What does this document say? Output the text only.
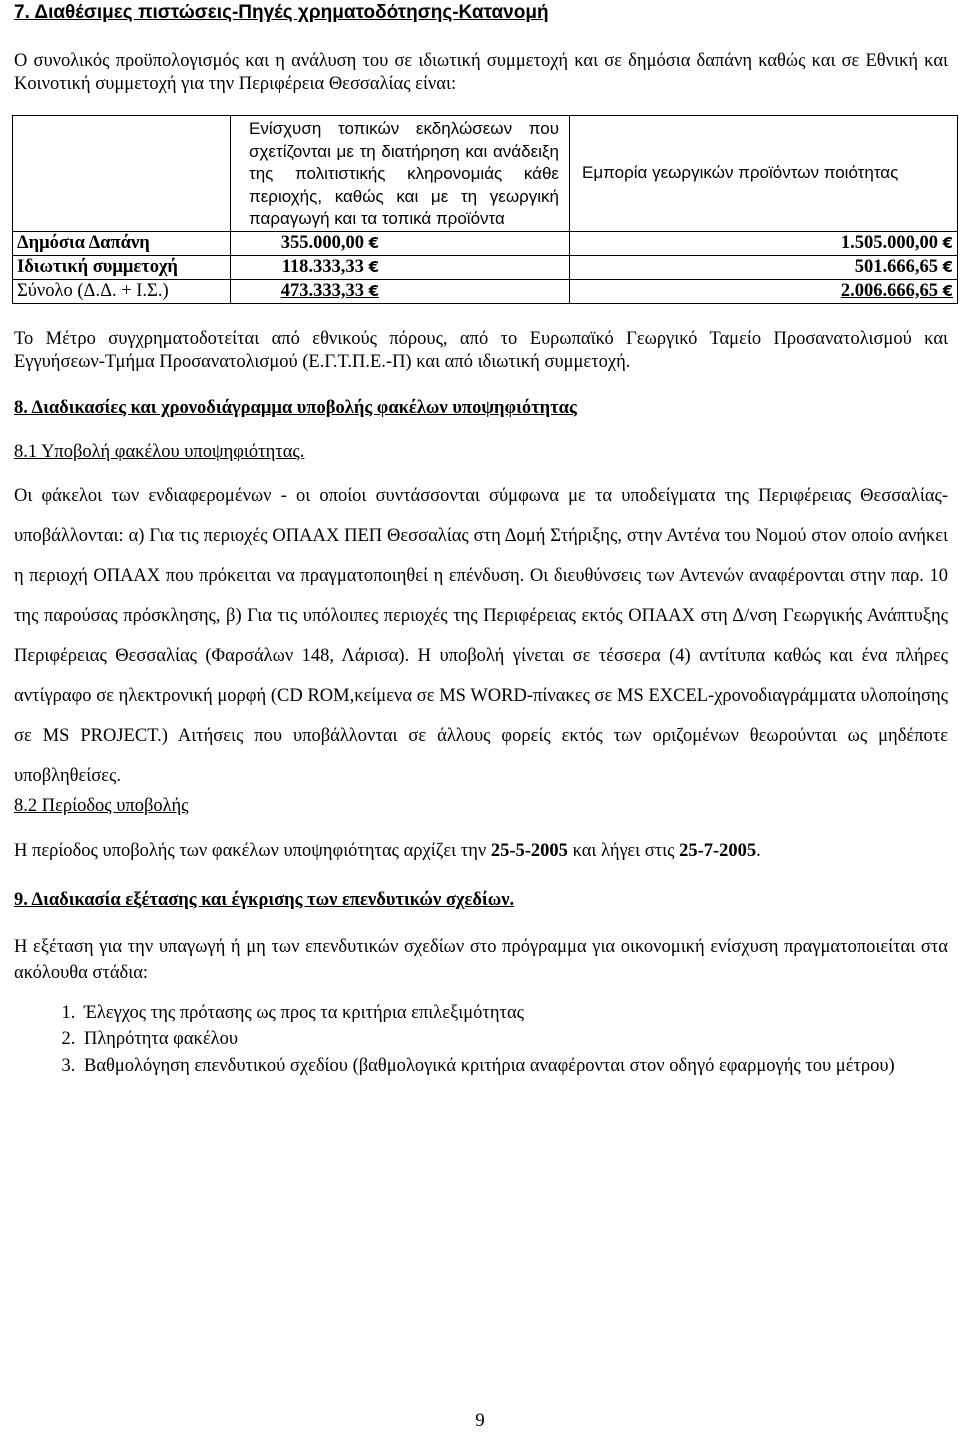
7. Διαθέσιμες πιστώσεις-Πηγές χρηματοδότησης-Κατανομή
Ο συνολικός προϋπολογισμός και η ανάλυση του σε ιδιωτική συμμετοχή και σε δημόσια δαπάνη καθώς και σε Εθνική και Κοινοτική συμμετοχή για την Περιφέρεια Θεσσαλίας είναι:
	Ενίσχυση τοπικών εκδηλώσεων που σχετίζονται με τη διατήρηση και ανάδειξη της πολιτιστικής κληρονομιάς κάθε περιοχής, καθώς και με τη γεωργική παραγωγή και τα τοπικά προϊόντα	Εμπορία γεωργικών προϊόντων ποιότητας
Δημόσια Δαπάνη	355.000,00 €	1.505.000,00 €
Ιδιωτική συμμετοχή	118.333,33 €	501.666,65 €
Σύνολο (Δ.Δ. + Ι.Σ.)	473.333,33 €	2.006.666,65 €
Το Μέτρο συγχρηματοδοτείται από εθνικούς πόρους, από το Ευρωπαϊκό Γεωργικό Ταμείο Προσανατολισμού και Εγγυήσεων-Τμήμα Προσανατολισμού (Ε.Γ.Τ.Π.Ε.-Π) και από ιδιωτική συμμετοχή.
8. Διαδικασίες και χρονοδιάγραμμα υποβολής φακέλων υποψηφιότητας
8.1 Υποβολή φακέλου υποψηφιότητας.
Οι φάκελοι των ενδιαφερομένων - οι οποίοι συντάσσονται σύμφωνα με τα υποδείγματα της Περιφέρειας Θεσσαλίας- υποβάλλονται: α) Για τις περιοχές ΟΠΑΑΧ ΠΕΠ Θεσσαλίας στη Δομή Στήριξης, στην Αντένα του Νομού στον οποίο ανήκει η περιοχή ΟΠΑΑΧ που πρόκειται να πραγματοποιηθεί η επένδυση. Οι διευθύνσεις των Αντενών αναφέρονται στην παρ. 10 της παρούσας πρόσκλησης, β) Για τις υπόλοιπες περιοχές της Περιφέρειας εκτός ΟΠΑΑΧ στη Δ/νση Γεωργικής Ανάπτυξης Περιφέρειας Θεσσαλίας (Φαρσάλων 148, Λάρισα). Η υποβολή γίνεται σε τέσσερα (4) αντίτυπα καθώς και ένα πλήρες αντίγραφο σε ηλεκτρονική μορφή (CD ROM,κείμενα σε MS WORD-πίνακες σε MS EXCEL-χρονοδιαγράμματα υλοποίησης σε MS PROJECT.) Αιτήσεις που υποβάλλονται σε άλλους φορείς εκτός των οριζομένων θεωρούνται ως μηδέποτε υποβληθείσες.
8.2 Περίοδος υποβολής
Η περίοδος υποβολής των φακέλων υποψηφιότητας αρχίζει την 25-5-2005 και λήγει στις 25-7-2005.
9. Διαδικασία εξέτασης και έγκρισης των επενδυτικών σχεδίων.
Η εξέταση για την υπαγωγή ή μη των επενδυτικών σχεδίων στο πρόγραμμα για οικονομική ενίσχυση πραγματοποιείται στα ακόλουθα στάδια:
1. Έλεγχος της πρότασης ως προς τα κριτήρια επιλεξιμότητας
2. Πληρότητα φακέλου
3. Βαθμολόγηση επενδυτικού σχεδίου (βαθμολογικά κριτήρια αναφέρονται στον οδηγό εφαρμογής του μέτρου)
9
